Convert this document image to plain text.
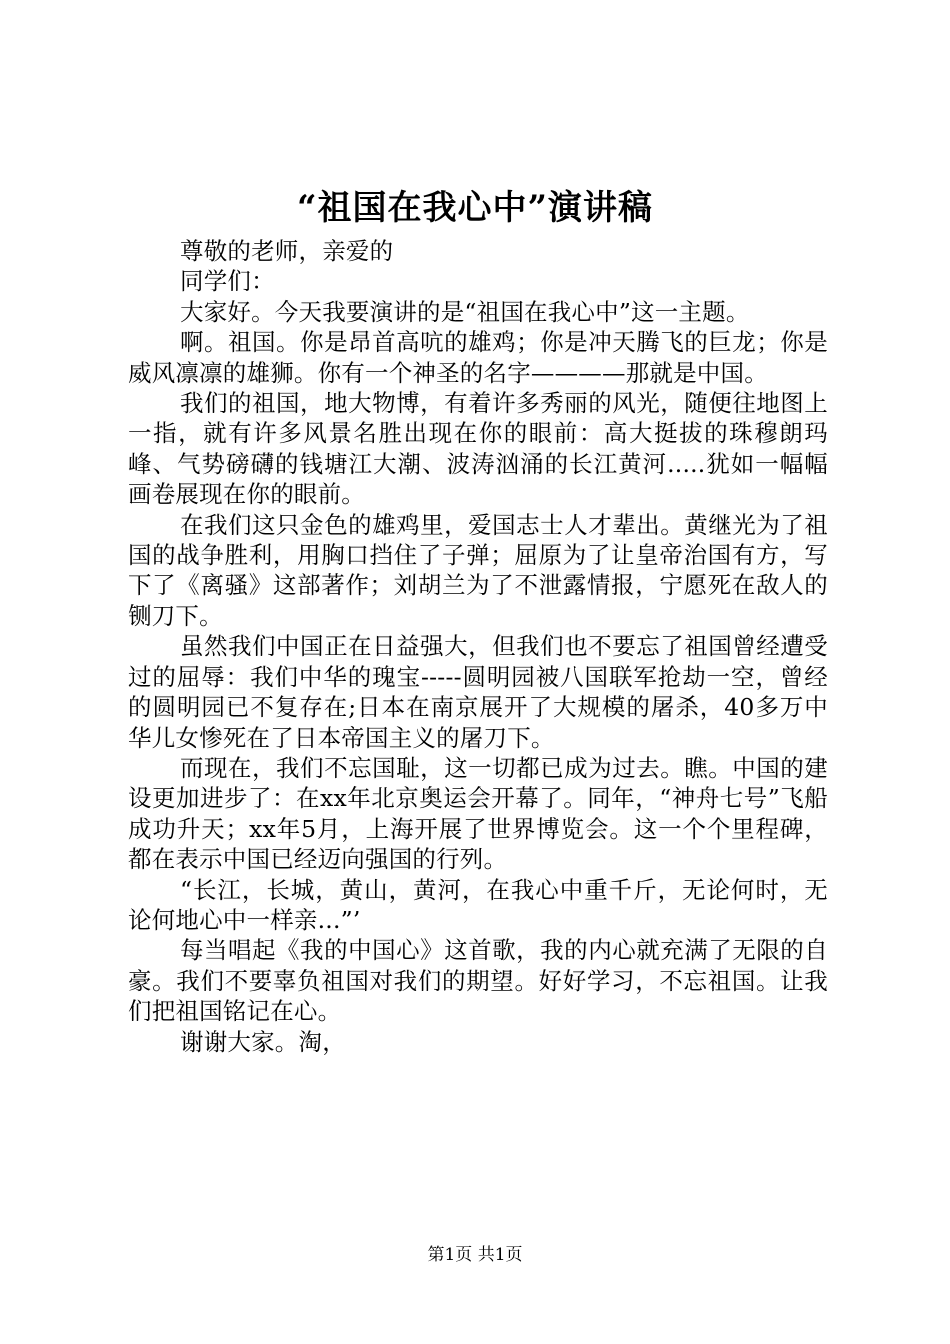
“祖国在我心中”演讲稿

尊敬的老师，亲爱的

同学们：

大家好。今天我要演讲的是“祖国在我心中”这一主题。

啊。祖国。你是昂首高吭的雄鸡；你是冲天腾飞的巨龙；你是威风凛凛的雄狮。你有一个神圣的名字————那就是中国。

我们的祖国，地大物博，有着许多秀丽的风光，随便往地图上一指，就有许多风景名胜出现在你的眼前：高大挺拔的珠穆朗玛峰、气势磅礴的钱塘江大潮、波涛汹涌的长江黄河.....犹如一幅幅画卷展现在你的眼前。

在我们这只金色的雄鸡里，爱国志士人才辈出。黄继光为了祖国的战争胜利，用胸口挡住了子弹；屈原为了让皇帝治国有方，写下了《离骚》这部著作；刘胡兰为了不泄露情报，宁愿死在敌人的铡刀下。

虽然我们中国正在日益强大，但我们也不要忘了祖国曾经遭受过的屈辱：我们中华的瑰宝-----圆明园被八国联军抢劫一空，曾经的圆明园已不复存在;日本在南京展开了大规模的屠杀，40多万中华儿女惨死在了日本帝国主义的屠刀下。

而现在，我们不忘国耻，这一切都已成为过去。瞧。中国的建设更加进步了：在xx年北京奥运会开幕了。同年，“神舟七号”飞船成功升天；xx年5月，上海开展了世界博览会。这一个个里程碑，都在表示中国已经迈向强国的行列。

“长江，长城，黄山，黄河，在我心中重千斤，无论何时，无论何地心中一样亲...”’

每当唱起《我的中国心》这首歌，我的内心就充满了无限的自豪。我们不要辜负祖国对我们的期望。好好学习，不忘祖国。让我们把祖国铭记在心。

谢谢大家。淘，

第1页 共1页
